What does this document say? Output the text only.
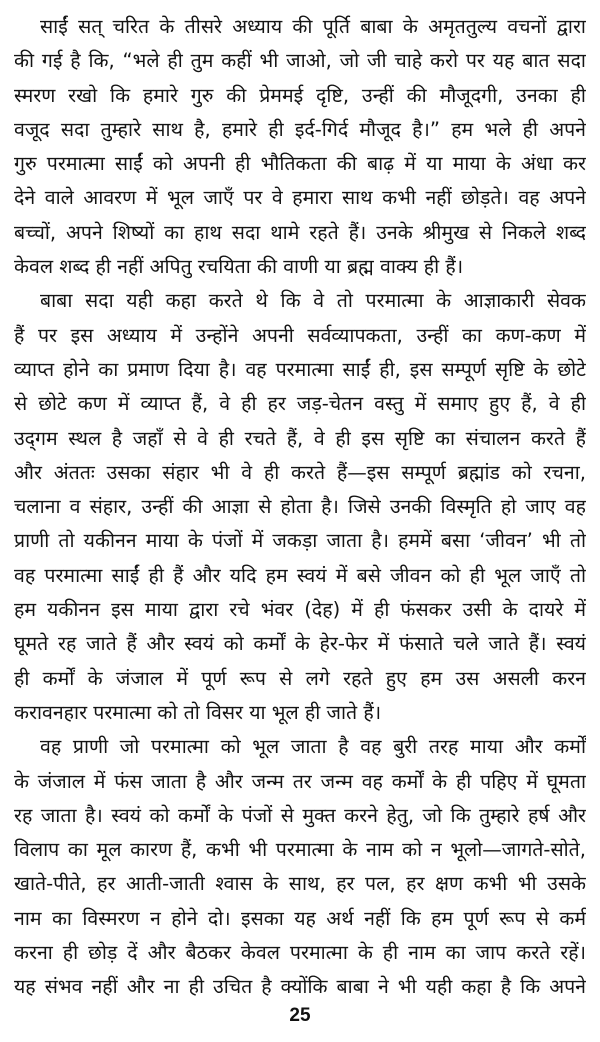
साईं सत् चरित के तीसरे अध्याय की पूर्ति बाबा के अमृततुल्य वचनों द्वारा
की गई है कि, “भले ही तुम कहीं भी जाओ, जो जी चाहे करो पर यह बात सदा
स्मरण रखो कि हमारे गुरु की प्रेममई दृष्टि, उन्हीं की मौजूदगी, उनका ही
वजूद सदा तुम्हारे साथ है, हमारे ही इर्द-गिर्द मौजूद है।” हम भले ही अपने
गुरु परमात्मा साईं को अपनी ही भौतिकता की बाढ़ में या माया के अंधा कर
देने वाले आवरण में भूल जाएँ पर वे हमारा साथ कभी नहीं छोड़ते। वह अपने
बच्चों, अपने शिष्यों का हाथ सदा थामे रहते हैं। उनके श्रीमुख से निकले शब्द
केवल शब्द ही नहीं अपितु रचयिता की वाणी या ब्रह्म वाक्य ही हैं।
बाबा सदा यही कहा करते थे कि वे तो परमात्मा के आज्ञाकारी सेवक
हैं पर इस अध्याय में उन्होंने अपनी सर्वव्यापकता, उन्हीं का कण-कण में
व्याप्त होने का प्रमाण दिया है। वह परमात्मा साईं ही, इस सम्पूर्ण सृष्टि के छोटे
से छोटे कण में व्याप्त हैं, वे ही हर जड़-चेतन वस्तु में समाए हुए हैं, वे ही
उद्‌गम स्थल है जहाँ से वे ही रचते हैं, वे ही इस सृष्टि का संचालन करते हैं
और अंततः उसका संहार भी वे ही करते हैं—इस सम्पूर्ण ब्रह्मांड को रचना,
चलाना व संहार, उन्हीं की आज्ञा से होता है। जिसे उनकी विस्मृति हो जाए वह
प्राणी तो यकीनन माया के पंजों में जकड़ा जाता है। हममें बसा ‘जीवन’ भी तो
वह परमात्मा साईं ही हैं और यदि हम स्वयं में बसे जीवन को ही भूल जाएँ तो
हम यकीनन इस माया द्वारा रचे भंवर (देह) में ही फंसकर उसी के दायरे में
घूमते रह जाते हैं और स्वयं को कर्मों के हेर-फेर में फंसाते चले जाते हैं। स्वयं
ही कर्मों के जंजाल में पूर्ण रूप से लगे रहते हुए हम उस असली करन
करावनहार परमात्मा को तो विसर या भूल ही जाते हैं।
वह प्राणी जो परमात्मा को भूल जाता है वह बुरी तरह माया और कर्मों
के जंजाल में फंस जाता है और जन्म तर जन्म वह कर्मों के ही पहिए में घूमता
रह जाता है। स्वयं को कर्मों के पंजों से मुक्त करने हेतु, जो कि तुम्हारे हर्ष और
विलाप का मूल कारण हैं, कभी भी परमात्मा के नाम को न भूलो—जागते-सोते,
खाते-पीते, हर आती-जाती श्वास के साथ, हर पल, हर क्षण कभी भी उसके
नाम का विस्मरण न होने दो। इसका यह अर्थ नहीं कि हम पूर्ण रूप से कर्म
करना ही छोड़ दें और बैठकर केवल परमात्मा के ही नाम का जाप करते रहें।
यह संभव नहीं और ना ही उचित है क्योंकि बाबा ने भी यही कहा है कि अपने
25
